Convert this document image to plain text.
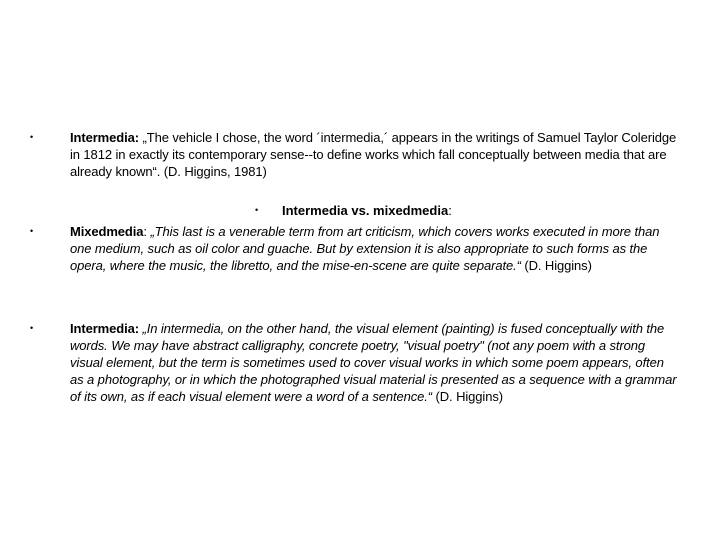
•	Intermedia: „The vehicle I chose, the word ´intermedia,´ appears in the writings of Samuel Taylor Coleridge in 1812 in exactly its contemporary sense--to define works which fall conceptually between media that are already known“. (D. Higgins, 1981)
• Intermedia vs. mixedmedia:
•	Mixedmedia: „This last is a venerable term from art criticism, which covers works executed in more than one medium, such as oil color and guache. But by extension it is also appropriate to such forms as the opera, where the music, the libretto, and the mise-en-scene are quite separate.“ (D. Higgins)
•	Intermedia: „In intermedia, on the other hand, the visual element (painting) is fused conceptually with the words. We may have abstract calligraphy, concrete poetry, "visual poetry" (not any poem with a strong visual element, but the term is sometimes used to cover visual works in which some poem appears, often as a photography, or in which the photographed visual material is presented as a sequence with a grammar of its own, as if each visual element were a word of a sentence.“ (D. Higgins)
